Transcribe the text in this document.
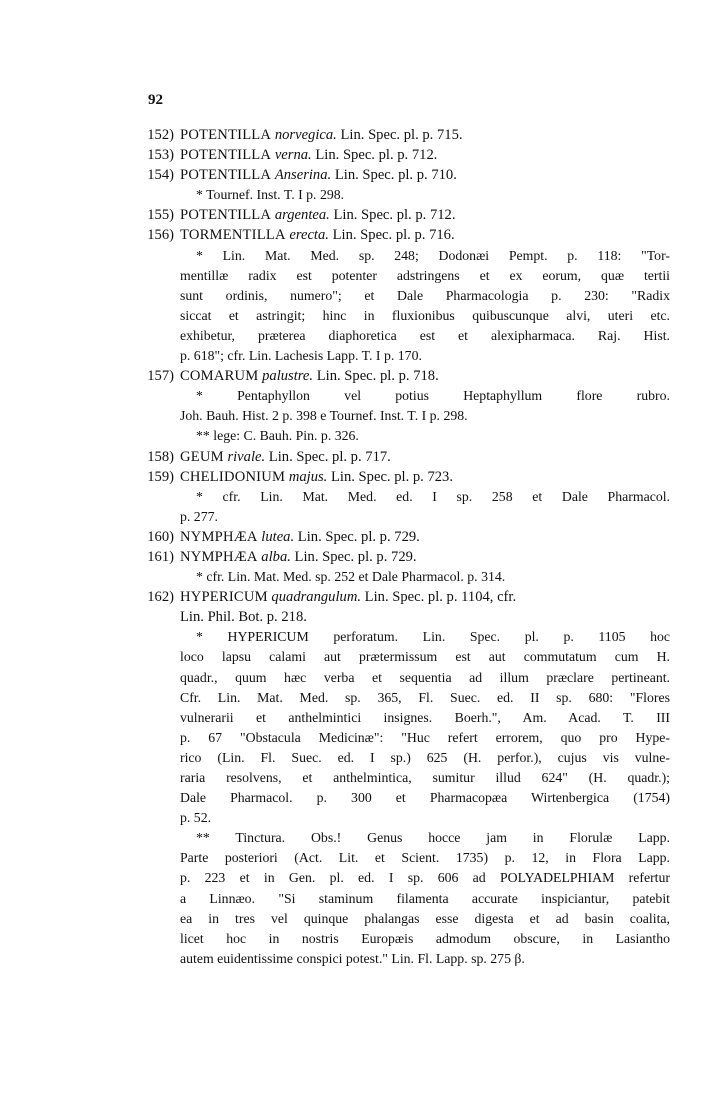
92
152) POTENTILLA norvegica. Lin. Spec. pl. p. 715.
153) POTENTILLA verna. Lin. Spec. pl. p. 712.
154) POTENTILLA Anserina. Lin. Spec. pl. p. 710.
* Tournef. Inst. T. I p. 298.
155) POTENTILLA argentea. Lin. Spec. pl. p. 712.
156) TORMENTILLA erecta. Lin. Spec. pl. p. 716.
* Lin. Mat. Med. sp. 248; Dodonæi Pempt. p. 118: "Tor-
mentillæ radix est potenter adstringens et ex eorum, quæ tertii
sunt ordinis, numero"; et Dale Pharmacologia p. 230: "Radix
siccat et astringit; hinc in fluxionibus quibuscunque alvi, uteri etc.
exhibetur, præterea diaphoretica est et alexipharmaca. Raj. Hist.
p. 618"; cfr. Lin. Lachesis Lapp. T. I p. 170.
157) COMARUM palustre. Lin. Spec. pl. p. 718.
* Pentaphyllon vel potius Heptaphyllum flore rubro.
Joh. Bauh. Hist. 2 p. 398 e Tournef. Inst. T. I p. 298.
** lege: C. Bauh. Pin. p. 326.
158) GEUM rivale. Lin. Spec. pl. p. 717.
159) CHELIDONIUM majus. Lin. Spec. pl. p. 723.
* cfr. Lin. Mat. Med. ed. I sp. 258 et Dale Pharmacol.
p. 277.
160) NYMPHÆA lutea. Lin. Spec. pl. p. 729.
161) NYMPHÆA alba. Lin. Spec. pl. p. 729.
* cfr. Lin. Mat. Med. sp. 252 et Dale Pharmacol. p. 314.
162) HYPERICUM quadrangulum. Lin. Spec. pl. p. 1104, cfr.
Lin. Phil. Bot. p. 218.
* HYPERICUM perforatum. Lin. Spec. pl. p. 1105 hoc
loco lapsu calami aut prætermissum est aut commutatum cum H.
quadr., quum hæc verba et sequentia ad illum præclare pertineant.
Cfr. Lin. Mat. Med. sp. 365, Fl. Suec. ed. II sp. 680: "Flores
vulnerarii et anthelmintici insignes. Boerh.", Am. Acad. T. III
p. 67 "Obstacula Medicinæ": "Huc refert errorem, quo pro Hype-
rico (Lin. Fl. Suec. ed. I sp.) 625 (H. perfor.), cujus vis vulne-
raria resolvens, et anthelmintica, sumitur illud 624" (H. quadr.);
Dale Pharmacol. p. 300 et Pharmacopæa Wirtenbergica (1754)
p. 52.
** Tinctura. Obs.! Genus hocce jam in Florulæ Lapp.
Parte posteriori (Act. Lit. et Scient. 1735) p. 12, in Flora Lapp.
p. 223 et in Gen. pl. ed. I sp. 606 ad POLYADELPHIAM refertur
a Linnæo. "Si staminum filamenta accurate inspiciantur, patebit
ea in tres vel quinque phalangas esse digesta et ad basin coalita,
licet hoc in nostris Europæis admodum obscure, in Lasiantho
autem euidentissime conspici potest." Lin. Fl. Lapp. sp. 275 β.
